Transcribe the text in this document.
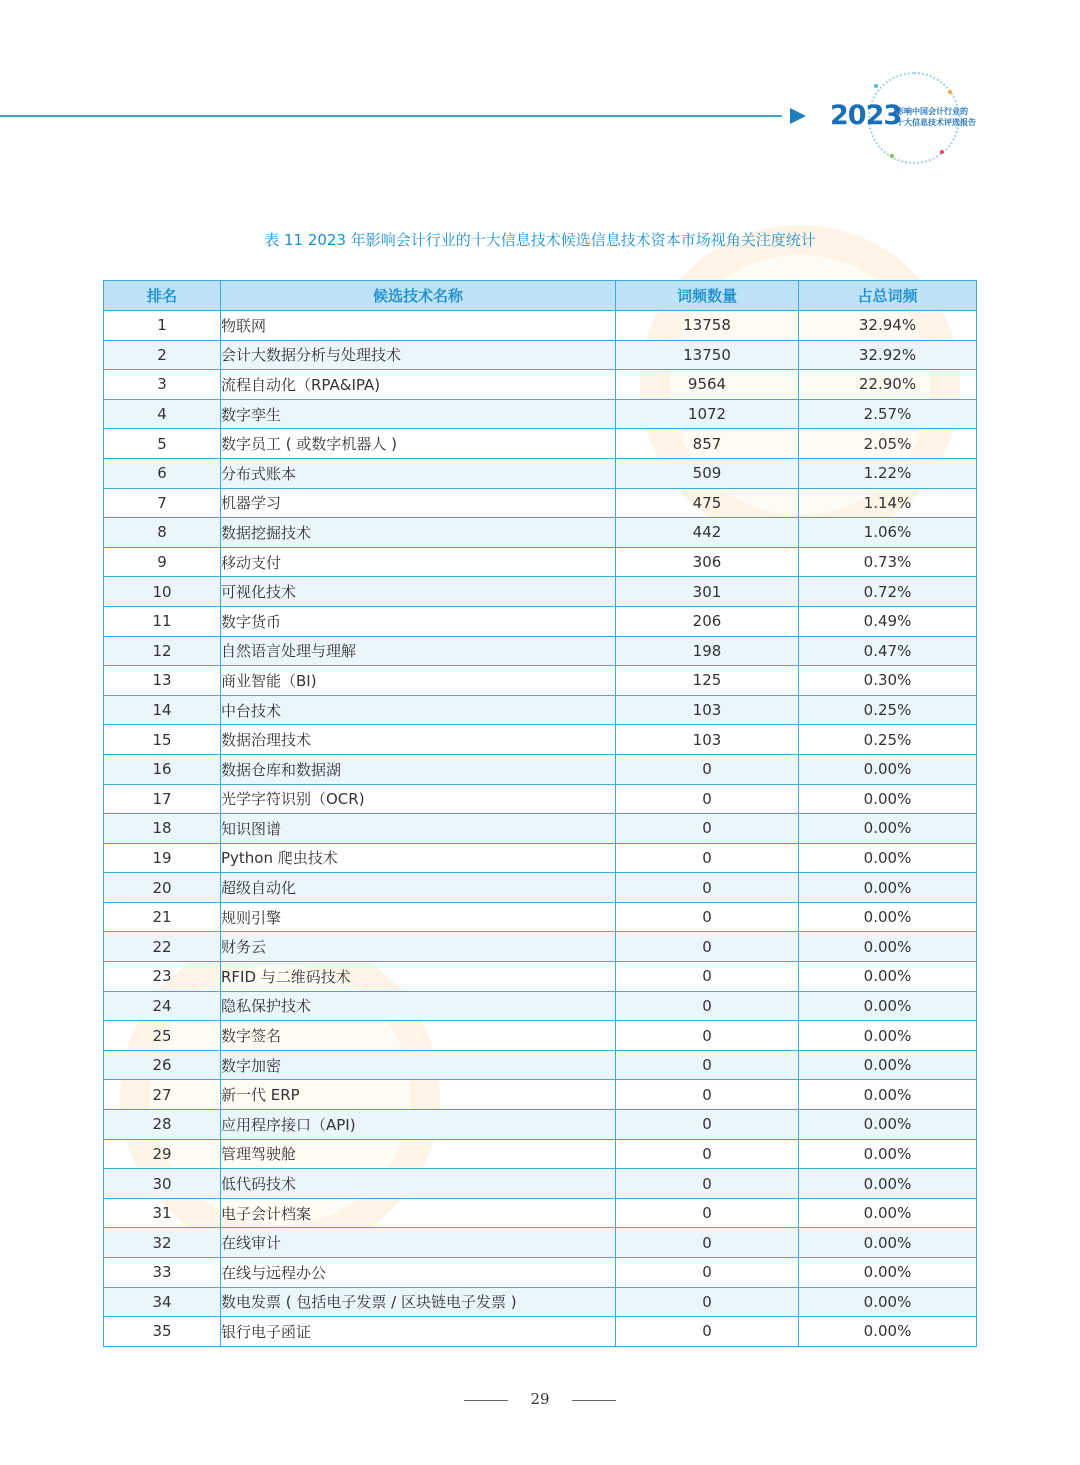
2023
影响中国会计行业的
十大信息技术评选报告
表 11 2023 年影响会计行业的十大信息技术候选信息技术资本市场视角关注度统计
排名	候选技术名称	词频数量	占总词频
1	物联网	13758	32.94%
2	会计大数据分析与处理技术	13750	32.92%
3	流程自动化（RPA&IPA)	9564	22.90%
4	数字孪生	1072	2.57%
5	数字员工 ( 或数字机器人 )	857	2.05%
6	分布式账本	509	1.22%
7	机器学习	475	1.14%
8	数据挖掘技术	442	1.06%
9	移动支付	306	0.73%
10	可视化技术	301	0.72%
11	数字货币	206	0.49%
12	自然语言处理与理解	198	0.47%
13	商业智能（BI)	125	0.30%
14	中台技术	103	0.25%
15	数据治理技术	103	0.25%
16	数据仓库和数据湖	0	0.00%
17	光学字符识别（OCR)	0	0.00%
18	知识图谱	0	0.00%
19	Python 爬虫技术	0	0.00%
20	超级自动化	0	0.00%
21	规则引擎	0	0.00%
22	财务云	0	0.00%
23	RFID 与二维码技术	0	0.00%
24	隐私保护技术	0	0.00%
25	数字签名	0	0.00%
26	数字加密	0	0.00%
27	新一代 ERP	0	0.00%
28	应用程序接口（API)	0	0.00%
29	管理驾驶舱	0	0.00%
30	低代码技术	0	0.00%
31	电子会计档案	0	0.00%
32	在线审计	0	0.00%
33	在线与远程办公	0	0.00%
34	数电发票 ( 包括电子发票 / 区块链电子发票 )	0	0.00%
35	银行电子函证	0	0.00%
29
